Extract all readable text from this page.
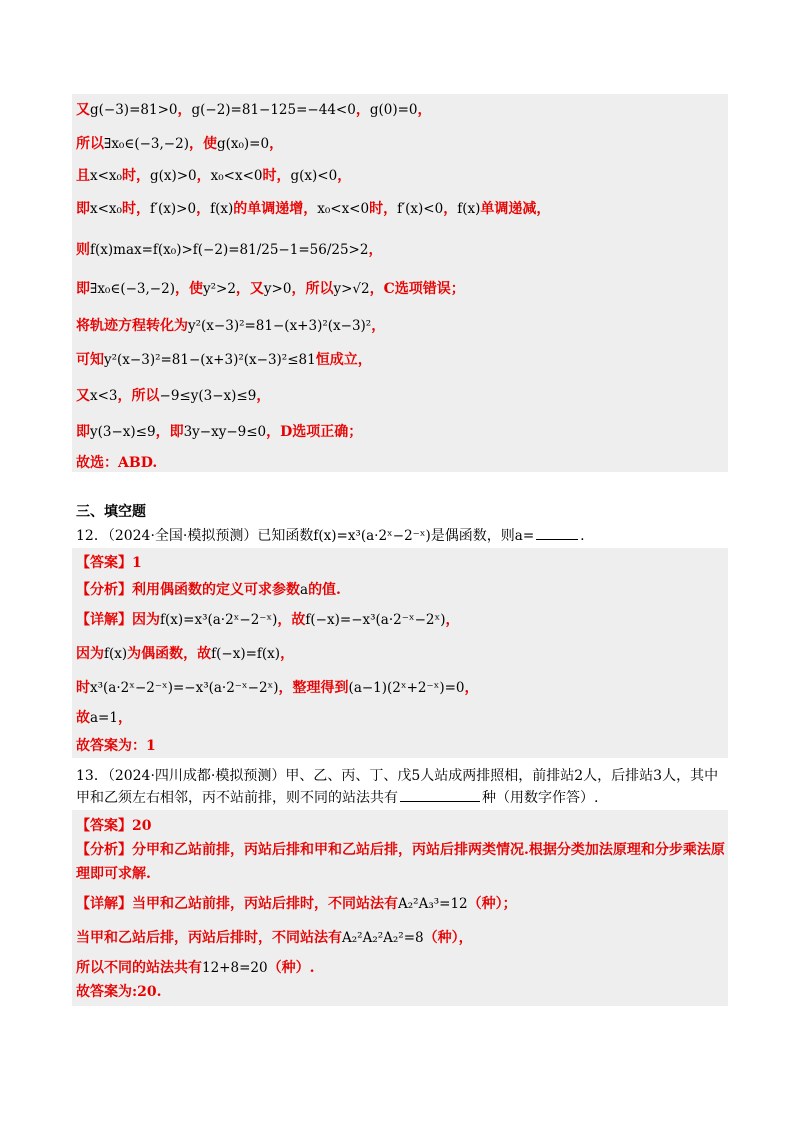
又g(−3)=81>0，g(−2)=81−125=−44<0，g(0)=0，
所以∃x₀∈(−3,−2)，使g(x₀)=0，
且x<x₀时，g(x)>0，x₀<x<0时，g(x)<0，
即x<x₀时，f′(x)>0，f(x)的单调递增，x₀<x<0时，f′(x)<0，f(x)单调递减，
则f(x)max=f(x₀)>f(−2)=81/25−1=56/25>2，
即∃x₀∈(−3,−2)，使y²>2，又y>0，所以y>√2，C选项错误；
将轨迹方程转化为y²(x−3)²=81−(x+3)²(x−3)²，
可知y²(x−3)²=81−(x+3)²(x−3)²≤81恒成立，
又x<3，所以−9≤y(3−x)≤9，
即y(3−x)≤9，即3y−xy−9≤0，D选项正确；
故选：ABD.
三、填空题
12．（2024·全国·模拟预测）已知函数f(x)=x³(a·2ˣ−2⁻ˣ)是偶函数，则a=	.
【答案】1
【分析】利用偶函数的定义可求参数a的值.
【详解】因为f(x)=x³(a·2ˣ−2⁻ˣ)，故f(−x)=−x³(a·2⁻ˣ−2ˣ)，
因为f(x)为偶函数，故f(−x)=f(x)，
时x³(a·2ˣ−2⁻ˣ)=−x³(a·2⁻ˣ−2ˣ)，整理得到(a−1)(2ˣ+2⁻ˣ)=0，
故a=1，
故答案为：1
13．（2024·四川成都·模拟预测）甲、乙、丙、丁、戊5人站成两排照相，前排站2人，后排站3人，其中
甲和乙须左右相邻，丙不站前排，则不同的站法共有	种（用数字作答）.
【答案】20
【分析】分甲和乙站前排，丙站后排和甲和乙站后排，丙站后排两类情况.根据分类加法原理和分步乘法原
理即可求解.
【详解】当甲和乙站前排，丙站后排时，不同站法有A₂²A₃³=12（种）；
当甲和乙站后排，丙站后排时，不同站法有A₂²A₂²A₂²=8（种），
所以不同的站法共有12+8=20（种）.
故答案为:20.
